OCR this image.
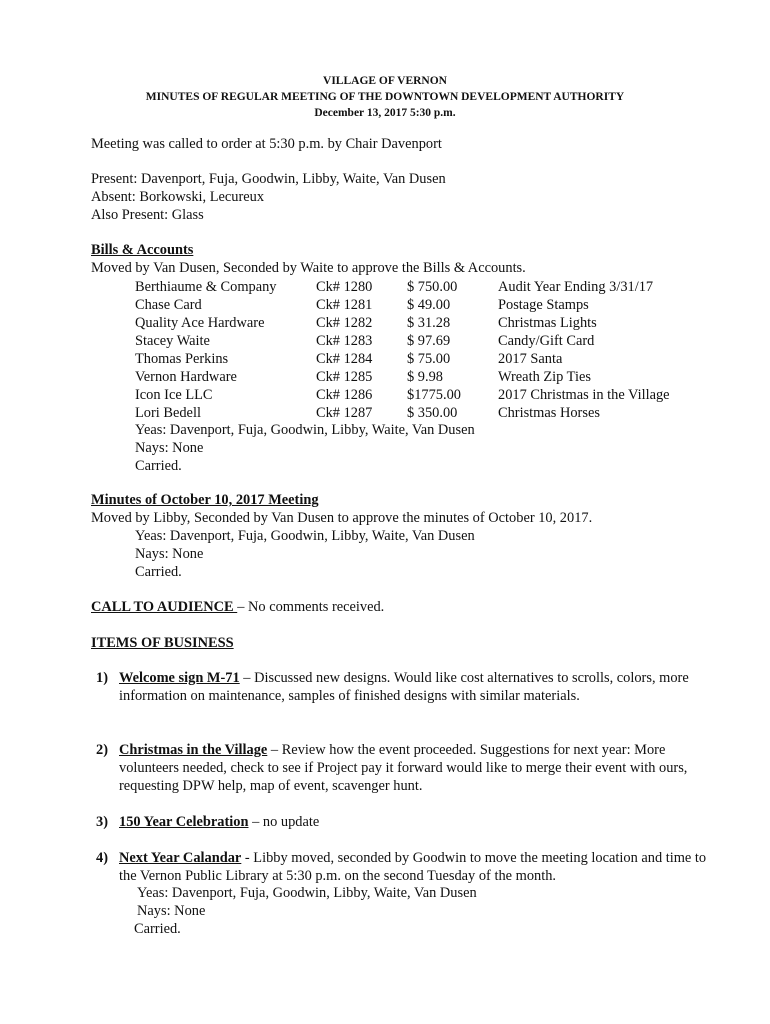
VILLAGE OF VERNON
MINUTES OF REGULAR MEETING OF THE DOWNTOWN DEVELOPMENT AUTHORITY
December 13, 2017 5:30 p.m.
Meeting was called to order at 5:30 p.m. by Chair Davenport
Present: Davenport, Fuja, Goodwin, Libby, Waite, Van Dusen
Absent: Borkowski, Lecureux
Also Present: Glass
Bills & Accounts
Moved by Van Dusen, Seconded by Waite to approve the Bills & Accounts.
Berthiaume & Company	Ck# 1280 $ 750.00	Audit Year Ending 3/31/17
Chase Card	Ck# 1281 $ 49.00	Postage Stamps
Quality Ace Hardware	Ck# 1282 $ 31.28	Christmas Lights
Stacey Waite	Ck# 1283 $ 97.69	Candy/Gift Card
Thomas Perkins	Ck# 1284 $ 75.00	2017 Santa
Vernon Hardware	Ck# 1285 $ 9.98	Wreath Zip Ties
Icon Ice LLC	Ck# 1286 $1775.00	2017 Christmas in the Village
Lori Bedell	Ck# 1287 $ 350.00	Christmas Horses
Yeas: Davenport, Fuja, Goodwin, Libby, Waite, Van Dusen
Nays: None
Carried.
Minutes of October 10, 2017 Meeting
Moved by Libby, Seconded by Van Dusen to approve the minutes of October 10, 2017.
Yeas: Davenport, Fuja, Goodwin, Libby, Waite, Van Dusen
Nays: None
Carried.
CALL TO AUDIENCE – No comments received.
ITEMS OF BUSINESS
1) Welcome sign M-71 – Discussed new designs. Would like cost alternatives to scrolls, colors, more information on maintenance, samples of finished designs with similar materials.
2) Christmas in the Village – Review how the event proceeded. Suggestions for next year: More volunteers needed, check to see if Project pay it forward would like to merge their event with ours, requesting DPW help, map of event, scavenger hunt.
3) 150 Year Celebration – no update
4) Next Year Calandar - Libby moved, seconded by Goodwin to move the meeting location and time to the Vernon Public Library at 5:30 p.m. on the second Tuesday of the month.
Yeas: Davenport, Fuja, Goodwin, Libby, Waite, Van Dusen
Nays: None
Carried.
